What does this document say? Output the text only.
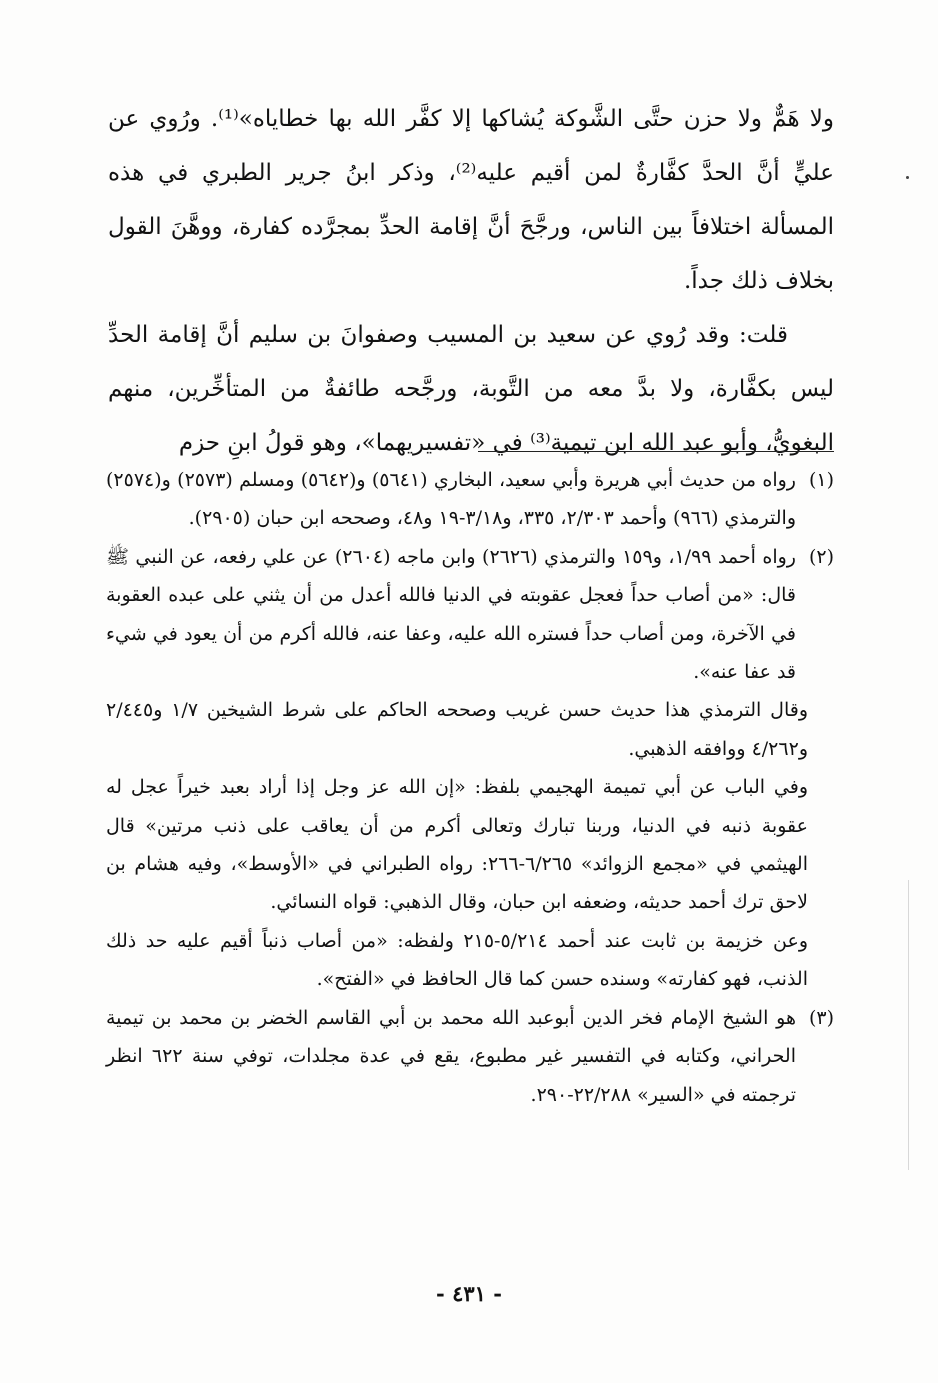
ولا هَمٌّ ولا حزن حتَّى الشَّوكة يُشاكها إلا كفَّر الله بها خطاياه»⁽¹⁾. ورُوي عن عليٍّ أنَّ الحدَّ كفَّارةٌ لمن أقيم عليه⁽²⁾، وذكر ابنُ جرير الطبري في هذه المسألة اختلافاً بين الناس، ورجَّحَ أنَّ إقامة الحدِّ بمجرَّده كفارة، ووهَّنَ القول بخلاف ذلك جداً.

قلت: وقد رُوي عن سعيد بن المسيب وصفوانَ بن سليم أنَّ إقامة الحدِّ ليس بكفَّارة، ولا بدَّ معه من التَّوبة، ورجَّحه طائفةٌ من المتأخِّرين، منهم البغويُّ، وأبو عبد الله ابن تيمية⁽³⁾ في «تفسيريهما»، وهو قولُ ابنِ حزم

(١)
رواه من حديث أبي هريرة وأبي سعيد، البخاري (٥٦٤١) و(٥٦٤٢) ومسلم (٢٥٧٣) و(٢٥٧٤) والترمذي (٩٦٦) وأحمد ٢/٣٠٣، ٣٣٥، و٣/١٨-١٩ و٤٨، وصححه ابن حبان (٢٩٠٥).
(٢)
رواه أحمد ١/٩٩، و١٥٩ والترمذي (٢٦٢٦) وابن ماجه (٢٦٠٤) عن علي رفعه، عن النبي ﷺ قال: «من أصاب حداً فعجل عقوبته في الدنيا فالله أعدل من أن يثني على عبده العقوبة في الآخرة، ومن أصاب حداً فستره الله عليه، وعفا عنه، فالله أكرم من أن يعود في شيء قد عفا عنه».

وقال الترمذي هذا حديث حسن غريب وصححه الحاكم على شرط الشيخين ١/٧ و٢/٤٤٥ و٤/٢٦٢ ووافقه الذهبي.

وفي الباب عن أبي تميمة الهجيمي بلفظ: «إن الله عز وجل إذا أراد بعبد خيراً عجل له عقوبة ذنبه في الدنيا، وربنا تبارك وتعالى أكرم من أن يعاقب على ذنب مرتين» قال الهيثمي في «مجمع الزوائد» ٦/٢٦٥-٢٦٦: رواه الطبراني في «الأوسط»، وفيه هشام بن لاحق ترك أحمد حديثه، وضعفه ابن حبان، وقال الذهبي: قواه النسائي.

وعن خزيمة بن ثابت عند أحمد ٥/٢١٤-٢١٥ ولفظه: «من أصاب ذنباً أقيم عليه حد ذلك الذنب، فهو كفارته» وسنده حسن كما قال الحافظ في «الفتح».

(٣)
هو الشيخ الإمام فخر الدين أبوعبد الله محمد بن أبي القاسم الخضر بن محمد بن تيمية الحراني، وكتابه في التفسير غير مطبوع، يقع في عدة مجلدات، توفي سنة ٦٢٢ انظر ترجمته في «السير» ٢٢/٢٨٨-٢٩٠.
- ٤٣١ -
